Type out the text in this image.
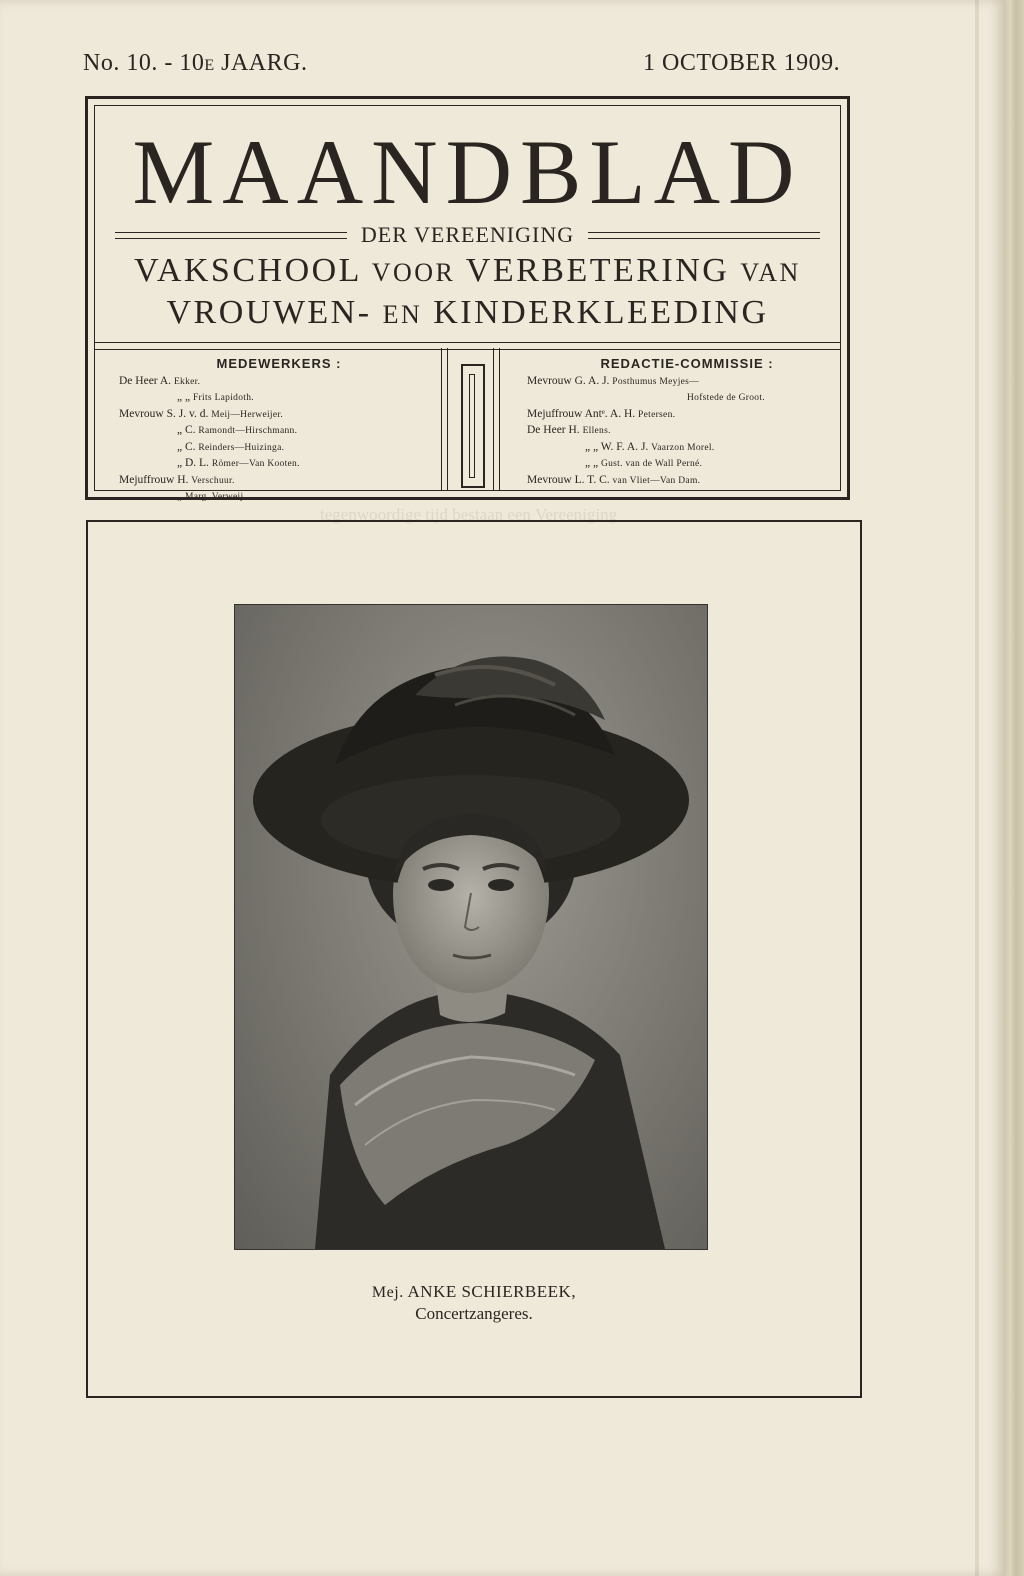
tegenwoordige tijd bestaan een Vereeniging
No. 10. - 10E JAARG.	1 OCTOBER 1909.
MAANDBLAD
DER VEREENIGING
VAKSCHOOL VOOR VERBETERING VAN
VROUWEN- EN KINDERKLEEDING
MEDEWERKERS :
De Heer A. Ekker.
„ „ Frits Lapidoth.
Mevrouw S. J. v. d. Meij—Herweijer.
„ C. Ramondt—Hirschmann.
„ C. Reinders—Huizinga.
„ D. L. Römer—Van Kooten.
Mejuffrouw H. Verschuur.
„ Marg. Verweij.
REDACTIE-COMMISSIE :
Mevrouw G. A. J. Posthumus Meyjes—
Hofstede de Groot.
Mejuffrouw Antᵉ. A. H. Petersen.
De Heer H. Ellens.
„ „ W. F. A. J. Vaarzon Morel.
„ „ Gust. van de Wall Perné.
Mevrouw L. T. C. van Vliet—Van Dam.
Mej. ANKE SCHIERBEEK,
Concertzangeres.
